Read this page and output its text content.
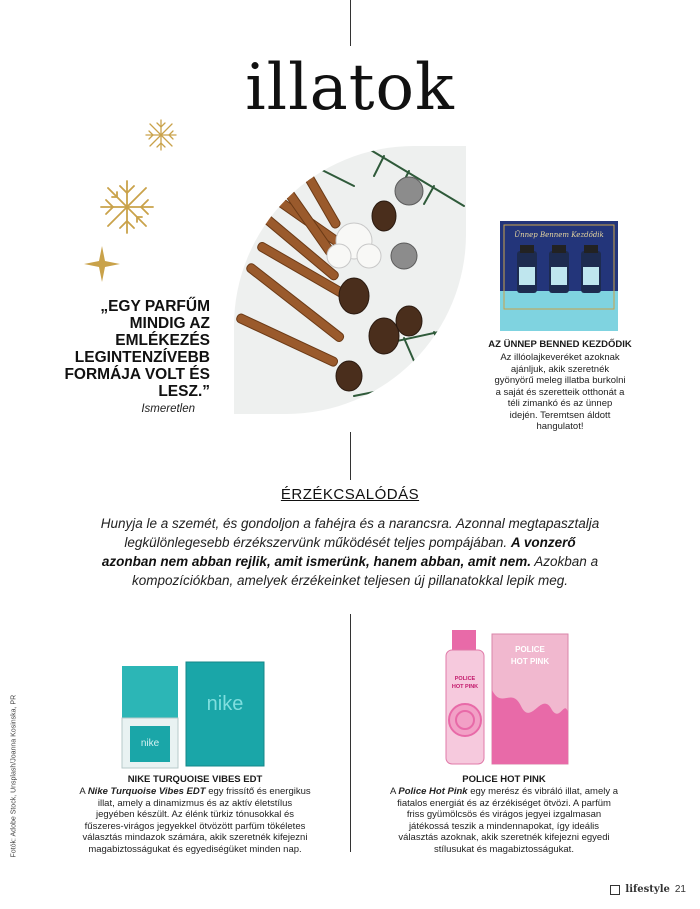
illatok
„EGY PARFŰM MINDIG AZ EMLÉKEZÉS LEGINTENZÍVEBB FORMÁJA VOLT ÉS LESZ.”
Ismeretlen
Ünnep Bennem Kezdődik
AZ ÜNNEP BENNED KEZDŐDIK
Az illóolajkeveréket azoknak ajánljuk, akik szeretnék gyönyörű meleg illatba burkolni a saját és szeretteik otthonát a téli zimankó és az ünnep idején. Teremtsen áldott hangulatot!
ÉRZÉKCSALÓDÁS
Hunyja le a szemét, és gondoljon a fahéjra és a narancsra. Azonnal megtapasztalja legkülönlegesebb érzékszervünk működését teljes pompájában. A vonzerő azonban nem abban rejlik, amit ismerünk, hanem abban, amit nem. Azokban a kompozíciókban, amelyek érzékeinket teljesen új pillanatokkal lepik meg.
nike
nike
NIKE TURQUOISE VIBES EDT
A Nike Turquoise Vibes EDT egy frissítő és energikus illat, amely a dinamizmus és az aktív életstílus jegyében készült. Az élénk türkiz tónusokkal és fűszeres-virágos jegyekkel ötvözött parfüm tökéletes választás mindazok számára, akik szeretnék kifejezni magabiztosságukat és egyediségüket minden nap.
POLICE
HOT PINK
POLICE
HOT PINK
POLICE HOT PINK
A Police Hot Pink egy merész és vibráló illat, amely a fiatalos energiát és az érzékiséget ötvözi. A parfüm friss gyümölcsös és virágos jegyei izgalmasan játékossá teszik a mindennapokat, így ideális választás azoknak, akik szeretnék kifejezni egyedi stílusukat és magabiztosságukat.
Fotók: Adobe Stock, Unsplash/Joanna Kosinska, PR
lifestyle 21
